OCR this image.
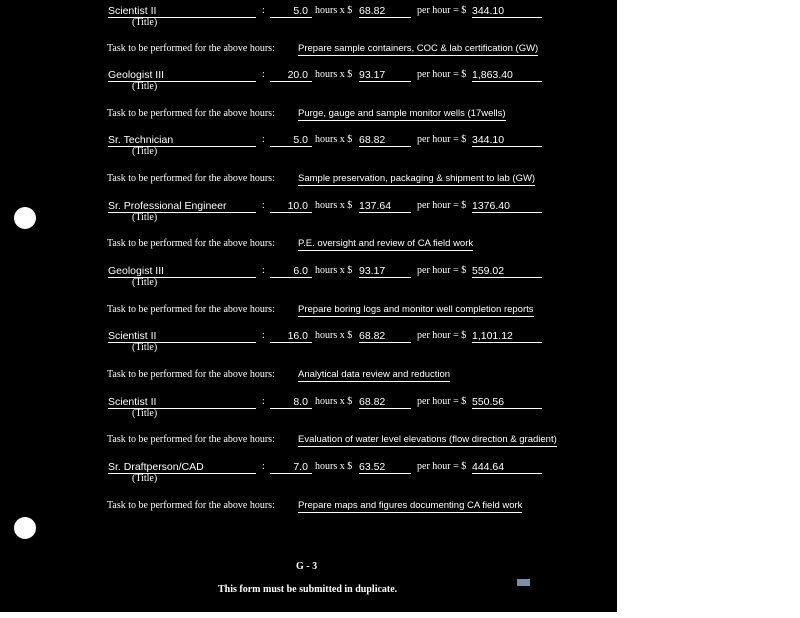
Scientist II	:	5.0 hours x $ 68.82	per hour = $ 344.10
(Title)
Task to be performed for the above hours: Prepare sample containers, COC & lab certification (GW)
Geologist III	:	20.0 hours x $ 93.17	per hour = $ 1,863.40
(Title)
Task to be performed for the above hours: Purge, gauge and sample monitor wells (17wells)
Sr. Technician	:	5.0 hours x $ 68.82	per hour = $ 344.10
(Title)
Task to be performed for the above hours: Sample preservation, packaging & shipment to lab (GW)
Sr. Professional Engineer	:	10.0 hours x $ 137.64	per hour = $ 1376.40
(Title)
Task to be performed for the above hours: P.E. oversight and review of CA field work
Geologist III	:	6.0 hours x $ 93.17	per hour = $ 559.02
(Title)
Task to be performed for the above hours: Prepare boring logs and monitor well completion reports
Scientist II	:	16.0 hours x $ 68.82	per hour = $ 1,101.12
(Title)
Task to be performed for the above hours: Analytical data review and reduction
Scientist II	:	8.0 hours x $ 68.82	per hour = $ 550.56
(Title)
Task to be performed for the above hours: Evaluation of water level elevations (flow direction & gradient)
Sr. Draftperson/CAD	:	7.0 hours x $ 63.52	per hour = $ 444.64
(Title)
Task to be performed for the above hours: Prepare maps and figures documenting CA field work
G - 3
This form must be submitted in duplicate.
